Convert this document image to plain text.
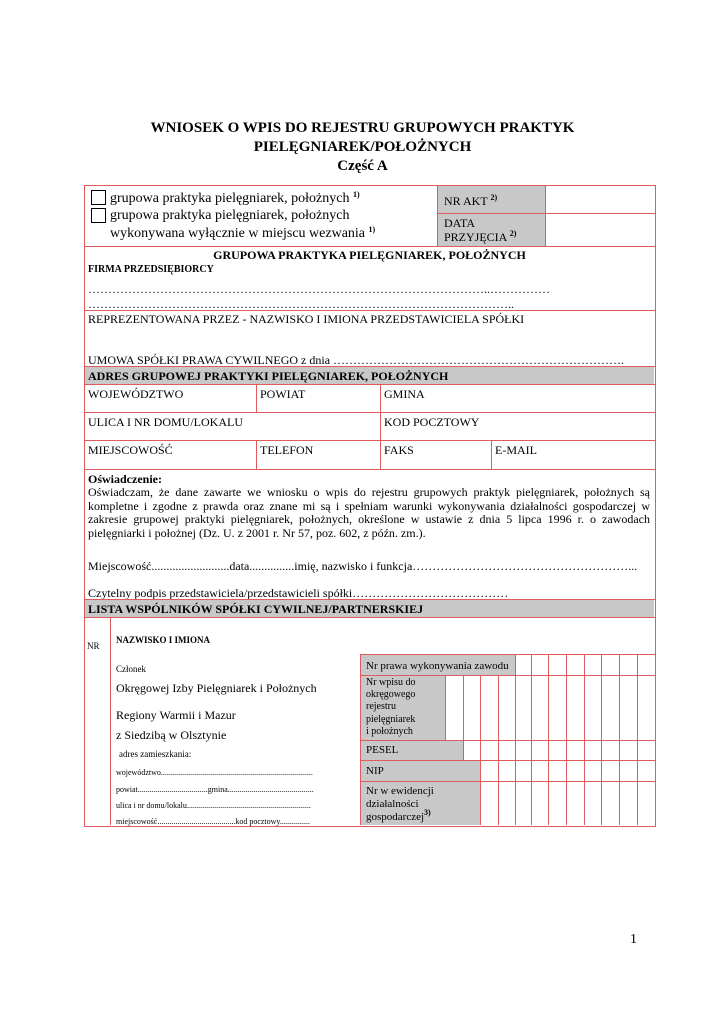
WNIOSEK O WPIS DO REJESTRU GRUPOWYCH PRAKTYK
PIELĘGNIAREK/POŁOŻNYCH
Część A
grupowa praktyka pielęgniarek, położnych $^{1)}$
grupowa praktyka pielęgniarek, położnych
wykonywana wyłącznie w miejscu wezwania $^{1)}$
NR AKT $^{2)}$
DATA
PRZYJĘCIA $^{2)}$
GRUPOWA PRAKTYKA PIELĘGNIAREK, POŁOŻNYCH
FIRMA PRZEDSIĘBIORCY
………………………………………………………………………………………..……………
……………………………………………………………………………………………..
REPREZENTOWANA PRZEZ - NAZWISKO I IMIONA PRZEDSTAWICIELA SPÓŁKI
UMOWA SPÓŁKI PRAWA CYWILNEGO z dnia ……………………………………………………………….
ADRES GRUPOWEJ PRAKTYKI PIELĘGNIAREK, POŁOŻNYCH
WOJEWÓDZTWO	POWIAT	GMINA
ULICA I NR DOMU/LOKALU	KOD POCZTOWY
MIEJSCOWOŚĆ	TELEFON	FAKS	E-MAIL
Oświadczenie:
Oświadczam, że dane zawarte we wniosku o wpis do rejestru grupowych praktyk pielęgniarek, położnych są kompletne i zgodne z prawda oraz znane mi są i spełniam warunki wykonywania działalności gospodarczej w zakresie grupowej praktyki pielęgniarek, położnych, określone w ustawie z dnia 5 lipca 1996 r. o zawodach pielęgniarki i położnej (Dz. U. z 2001 r. Nr 57, poz. 602, z późn. zm.).
Miejscowość..........................data...............imię, nazwisko i funkcja………………………………………………...
Czytelny podpis przedstawiciela/przedstawicieli spółki…………………………………
LISTA WSPÓLNIKÓW SPÓŁKI CYWILNEJ/PARTNERSKIEJ
NR
NAZWISKO I IMIONA
Członek
Okręgowej Izby Pielęgniarek i Położnych
Regiony Warmii i Mazur
z Siedzibą w Olsztynie
adres zamieszkania:
województwo............................................................................
powiat...................................gmina...........................................
ulica i nr domu/lokalu..............................................................
miejscowość.......................................kod pocztowy...............
Nr prawa wykonywania zawodu
Nr wpisu do
okręgowego
rejestru
pielęgniarek
i położnych
PESEL
NIP
Nr w ewidencji
działalności
gospodarczej$^{3)}$
1
